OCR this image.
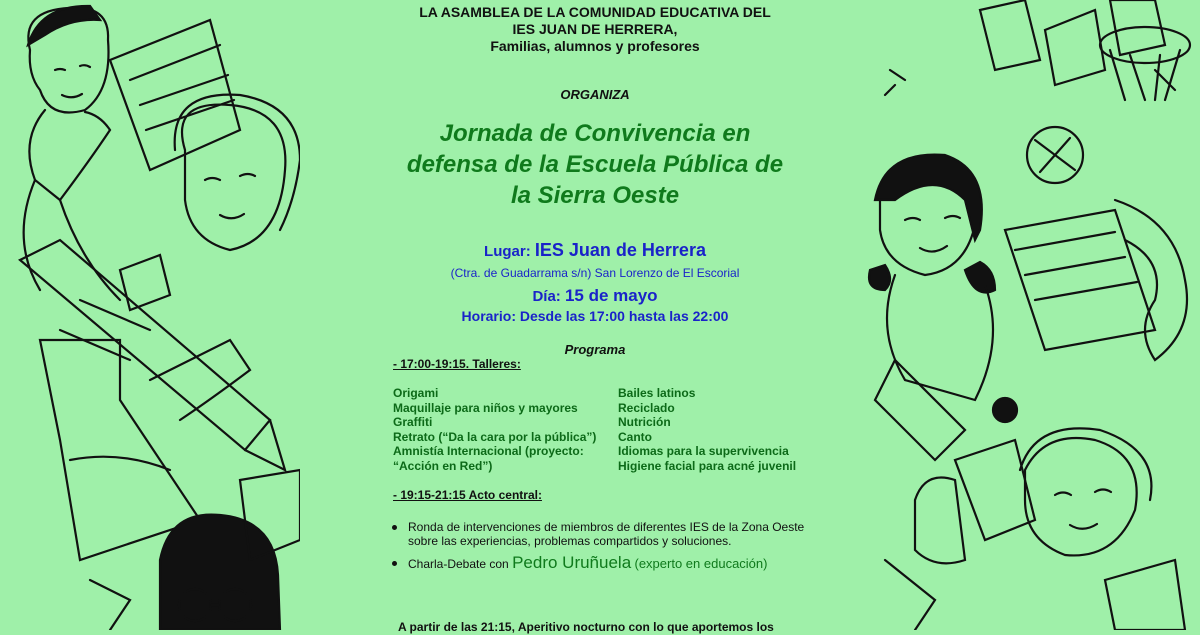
LA ASAMBLEA DE LA COMUNIDAD EDUCATIVA DEL
IES JUAN DE HERRERA,
Familias, alumnos y profesores
ORGANIZA
Jornada de Convivencia en
defensa de la Escuela Pública de
la Sierra Oeste
Lugar: IES Juan de Herrera
(Ctra. de Guadarrama s/n) San Lorenzo de El Escorial
Día: 15 de mayo
Horario: Desde las 17:00 hasta las 22:00
Programa
- 17:00-19:15. Talleres:
Origami
Maquillaje para niños y mayores
Graffiti
Retrato (“Da la cara por la pública”)
Amnistía Internacional (proyecto:
“Acción en Red”)
Bailes latinos
Reciclado
Nutrición
Canto
Idiomas para la supervivencia
Higiene facial para acné juvenil
- 19:15-21:15 Acto central:
Ronda de intervenciones de miembros de diferentes IES de la Zona Oeste sobre las experiencias, problemas compartidos y soluciones.
Charla-Debate con Pedro Uruñuela (experto en educación)
A partir de las 21:15, Aperitivo nocturno con lo que aportemos los
